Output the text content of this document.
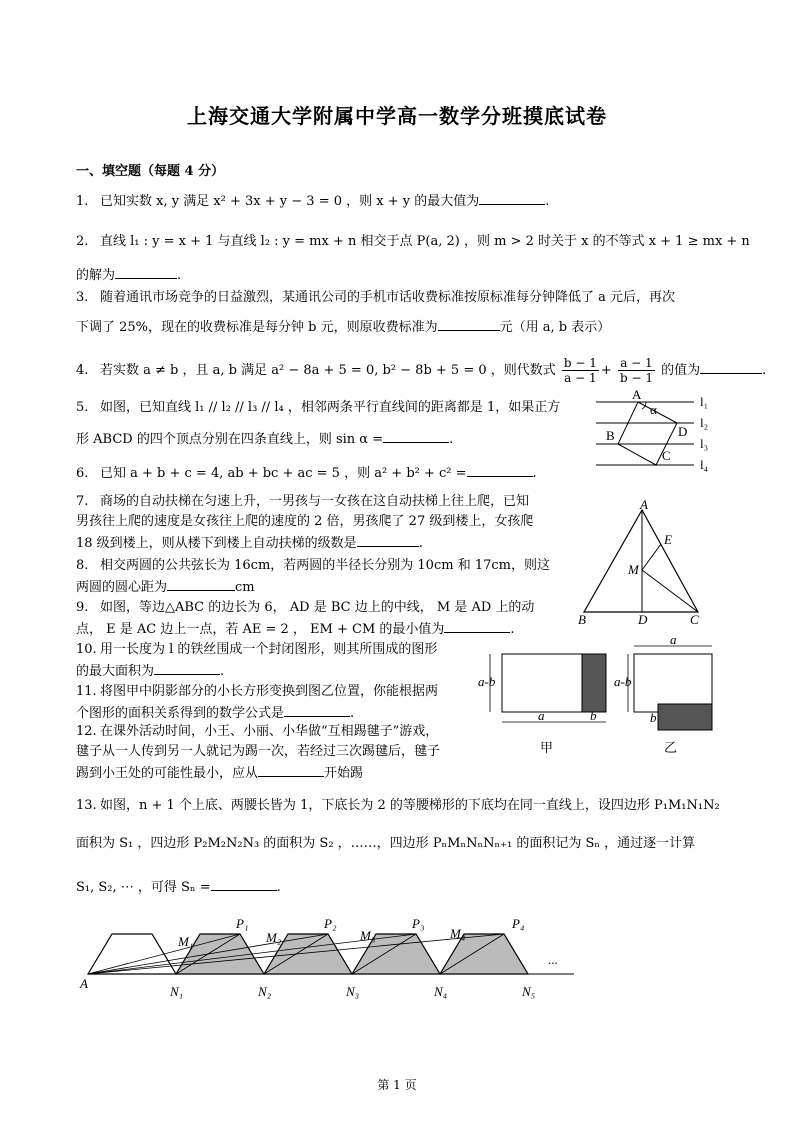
上海交通大学附属中学高一数学分班摸底试卷
一、填空题（每题 4 分）
1. 已知实数 x, y 满足 x² + 3x + y − 3 = 0 ，则 x + y 的最大值为	.
2. 直线 l₁ : y = x + 1 与直线 l₂ : y = mx + n 相交于点 P(a, 2) ，则 m > 2 时关于 x 的不等式 x + 1 ≥ mx + n
的解为	.
3. 随着通讯市场竞争的日益激烈，某通讯公司的手机市话收费标准按原标准每分钟降低了 a 元后，再次
下调了 25%，现在的收费标准是每分钟 b 元，则原收费标准为	元（用 a, b 表示）
4. 若实数 a ≠ b ，且 a, b 满足 a² − 8a + 5 = 0, b² − 8b + 5 = 0 ，则代数式 $\frac{b - 1}{a - 1} + \frac{a - 1}{b - 1}$ 的值为	.
5. 如图，已知直线 l₁ // l₂ // l₃ // l₄ ，相邻两条平行直线间的距离都是 1，如果正方
形 ABCD 的四个顶点分别在四条直线上，则 sin α =	.
A
α
B	D
C
l₁
l₂
l₃
l₄
6. 已知 a + b + c = 4, ab + bc + ac = 5 ，则 a² + b² + c² =	.
7. 商场的自动扶梯在匀速上升，一男孩与一女孩在这自动扶梯上往上爬，已知
男孩往上爬的速度是女孩往上爬的速度的 2 倍，男孩爬了 27 级到楼上，女孩爬
18 级到楼上，则从楼下到楼上自动扶梯的级数是	.
8. 相交两圆的公共弦长为 16cm，若两圆的半径长分别为 10cm 和 17cm，则这
两圆的圆心距为	cm
9. 如图，等边△ABC 的边长为 6， AD 是 BC 边上的中线， M 是 AD 上的动
点， E 是 AC 边上一点，若 AE = 2 ， EM + CM 的最小值为	.
A
E
M
B	D	C
10. 用一长度为 l 的铁丝围成一个封闭图形，则其所围成的图形
的最大面积为	.
11. 将图甲中阴影部分的小长方形变换到图乙位置，你能根据两
个图形的面积关系得到的数学公式是	.	a
a-b
b
a
a-b
b
甲	乙
12. 在课外活动时间，小王、小丽、小华做“互相踢毽子”游戏，
毽子从一人传到另一人就记为踢一次，若经过三次踢毽后，毽子
踢到小王处的可能性最小，应从	开始踢
13. 如图，n + 1 个上底、两腰长皆为 1，下底长为 2 的等腰梯形的下底均在同一直线上，设四边形 P₁M₁N₁N₂
面积为 S₁ ，四边形 P₂M₂N₂N₃ 的面积为 S₂ ，……，四边形 PₙMₙNₙNₙ₊₁ 的面积记为 Sₙ ，通过逐一计算
S₁, S₂, ⋯ ，可得 Sₙ =	.
A
M₁
P₁
M₂
P₂
M₃
P₃
M₄
P₄
N₁	N₂	N₃	N₄	N₅
...
第 1 页
